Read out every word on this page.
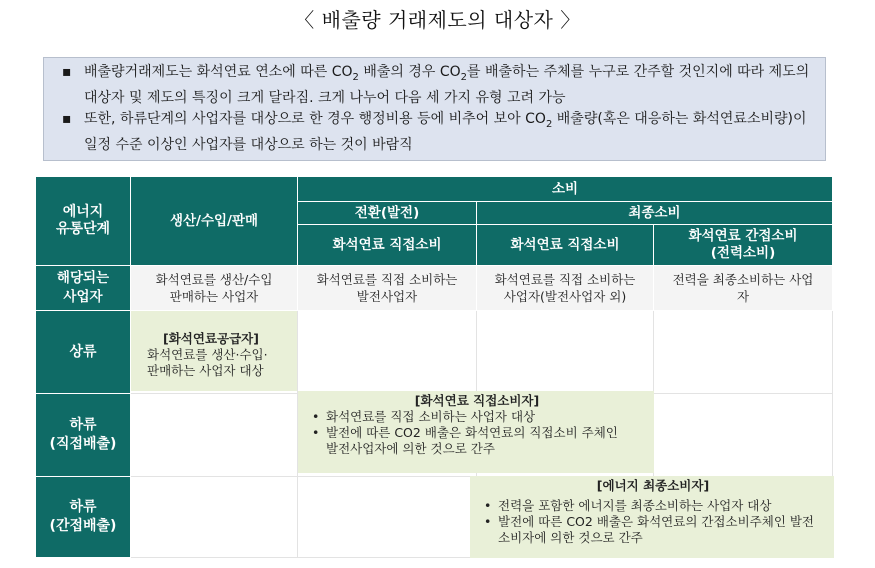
〈 배출량 거래제도의 대상자 〉
▪ 배출량거래제도는 화석연료 연소에 따른 $CO_2$ 배출의 경우 $CO_2$를 배출하는 주체를 누구로 간주할 것인지에 따라 제도의 대상자 및 제도의 특징이 크게 달라짐. 크게 나누어 다음 세 가지 유형 고려 가능
▪ 또한, 하류단계의 사업자를 대상으로 한 경우 행정비용 등에 비추어 보아 $CO_2$ 배출량(혹은 대응하는 화석연료소비량)이 일정 수준 이상인 사업자를 대상으로 하는 것이 바람직
에너지
유통단계
생산/수입/판매
소비
전환(발전)	최종소비
화석연료 직접소비	화석연료 직접소비
화석연료 간접소비
(전력소비)
해당되는
사업자
상류
하류
(직접배출)
하류
(간접배출)
화석연료를 생산/수입
판매하는 사업자
화석연료를 직접 소비하는
발전사업자
화석연료를 직접 소비하는
사업자(발전사업자 외)
전력을 최종소비하는 사업
자
[화석연료공급자]
화석연료를 생산·수입·
판매하는 사업자 대상
[화석연료 직접소비자]
• 화석연료를 직접 소비하는 사업자 대상
• 발전에 따른 CO2 배출은 화석연료의 직접소비 주체인
발전사업자에 의한 것으로 간주
[에너지 최종소비자]
• 전력을 포함한 에너지를 최종소비하는 사업자 대상
• 발전에 따른 CO2 배출은 화석연료의 간접소비주체인 발전
소비자에 의한 것으로 간주
